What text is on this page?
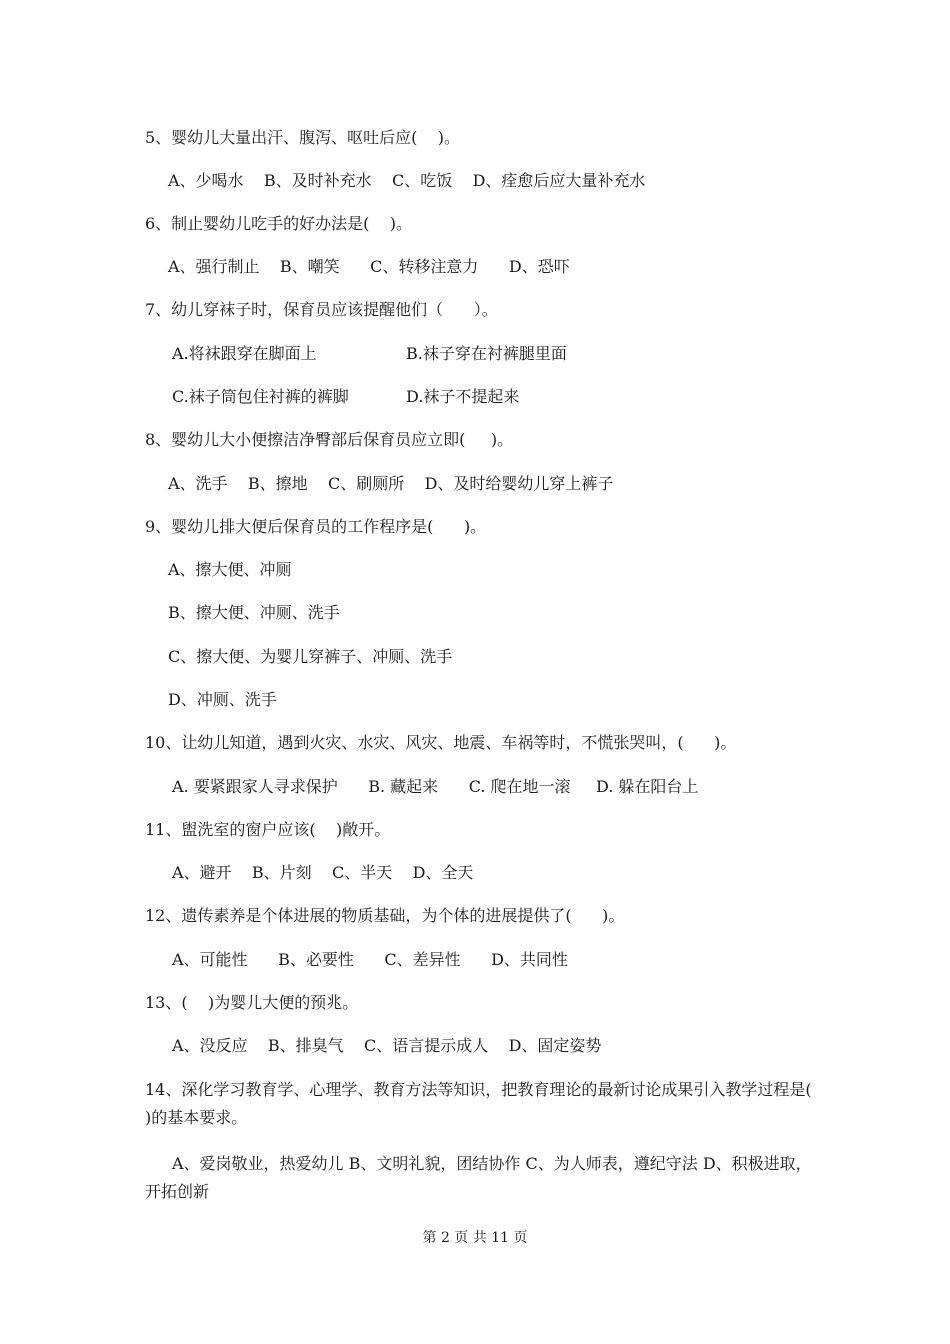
5、婴幼儿大量出汗、腹泻、呕吐后应(    )。
A、少喝水    B、及时补充水    C、吃饭    D、痊愈后应大量补充水
6、制止婴幼儿吃手的好办法是(    )。
A、强行制止    B、嘲笑      C、转移注意力      D、恐吓
7、幼儿穿袜子时，保育员应该提醒他们（      ）。
A.将袜跟穿在脚面上	B.袜子穿在衬裤腿里面
C.袜子筒包住衬裤的裤脚	D.袜子不提起来
8、婴幼儿大小便擦洁净臀部后保育员应立即(     )。
A、洗手    B、擦地    C、刷厕所    D、及时给婴幼儿穿上裤子
9、婴幼儿排大便后保育员的工作程序是(      )。
A、擦大便、冲厕
B、擦大便、冲厕、洗手
C、擦大便、为婴儿穿裤子、冲厕、洗手
D、冲厕、洗手
10、让幼儿知道，遇到火灾、水灾、风灾、地震、车祸等时，不慌张哭叫，(      )。
A. 要紧跟家人寻求保护      B. 藏起来      C. 爬在地一滚     D. 躲在阳台上
11、盥洗室的窗户应该(    )敞开。
A、避开    B、片刻    C、半天    D、全天
12、遗传素养是个体进展的物质基础，为个体的进展提供了(      )。
A、可能性      B、必要性      C、差异性      D、共同性
13、(    )为婴儿大便的预兆。
A、没反应    B、排臭气    C、语言提示成人    D、固定姿势
14、深化学习教育学、心理学、教育方法等知识，把教育理论的最新讨论成果引入教学过程是( )的基本要求。
A、爱岗敬业，热爱幼儿 B、文明礼貌，团结协作 C、为人师表，遵纪守法 D、积极进取，开拓创新
第 2 页 共 11 页
